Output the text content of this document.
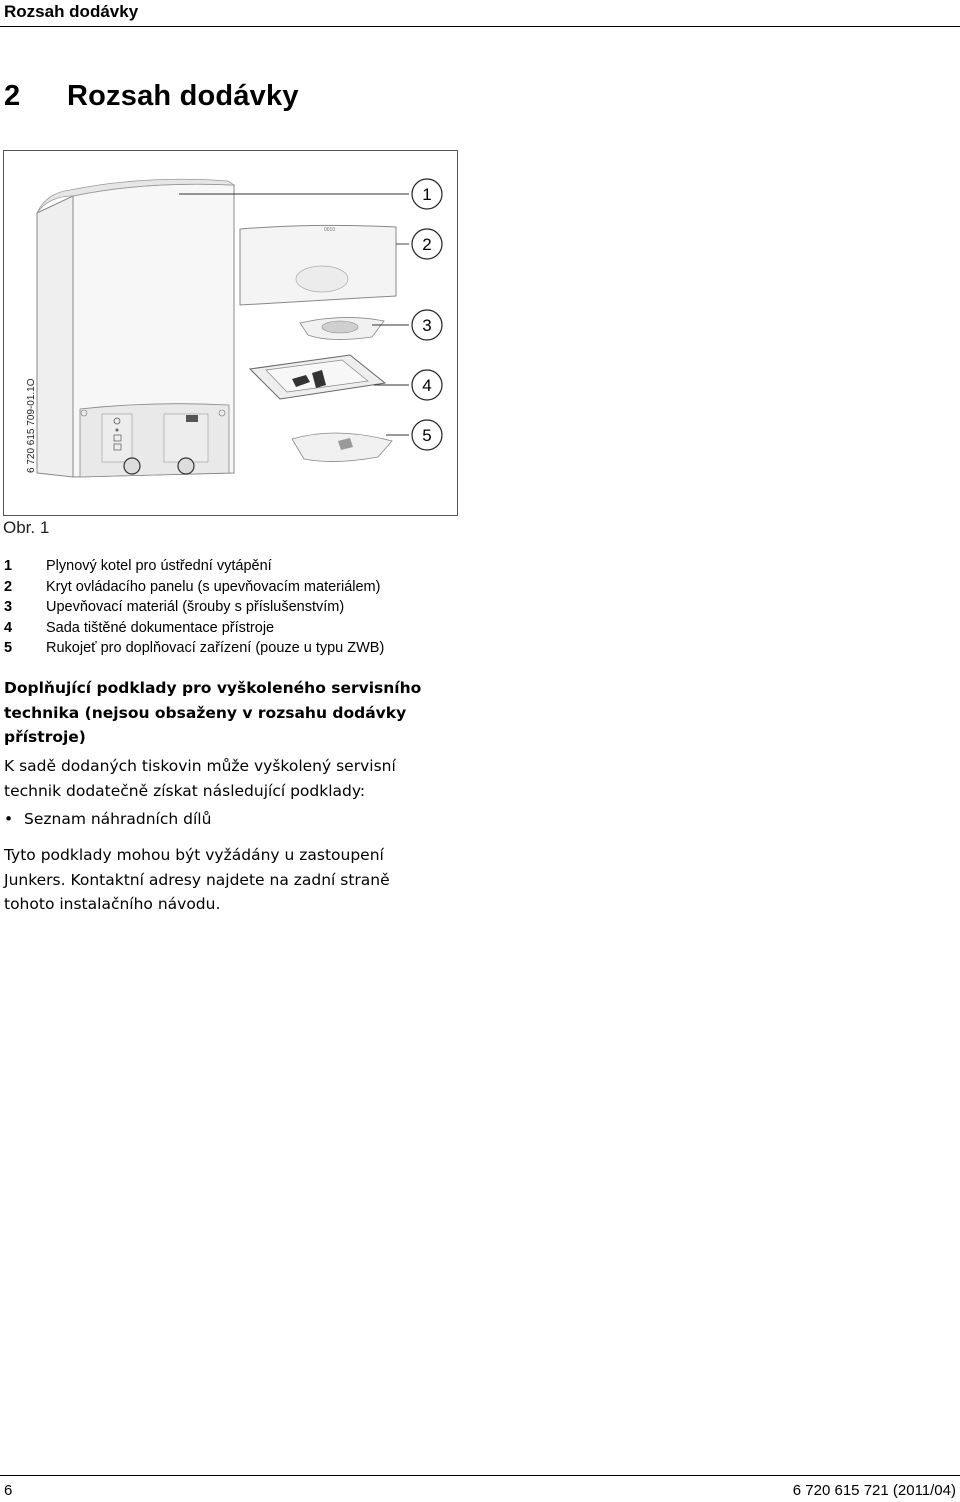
Rozsah dodávky
2 Rozsah dodávky
6 720 615 709-01.1O
0010
1
2
3
4
5
Obr. 1
1	Plynový kotel pro ústřední vytápění
2	Kryt ovládacího panelu (s upevňovacím materiálem)
3	Upevňovací materiál (šrouby s příslušenstvím)
4	Sada tištěné dokumentace přístroje
5	Rukojeť pro doplňovací zařízení (pouze u typu ZWB)
Doplňující podklady pro vyškoleného servisního technika (nejsou obsaženy v rozsahu dodávky přístroje)
K sadě dodaných tiskovin může vyškolený servisní technik dodatečně získat následující podklady:
• Seznam náhradních dílů
Tyto podklady mohou být vyžádány u zastoupení Junkers. Kontaktní adresy najdete na zadní straně tohoto instalačního návodu.
6	6 720 615 721 (2011/04)
